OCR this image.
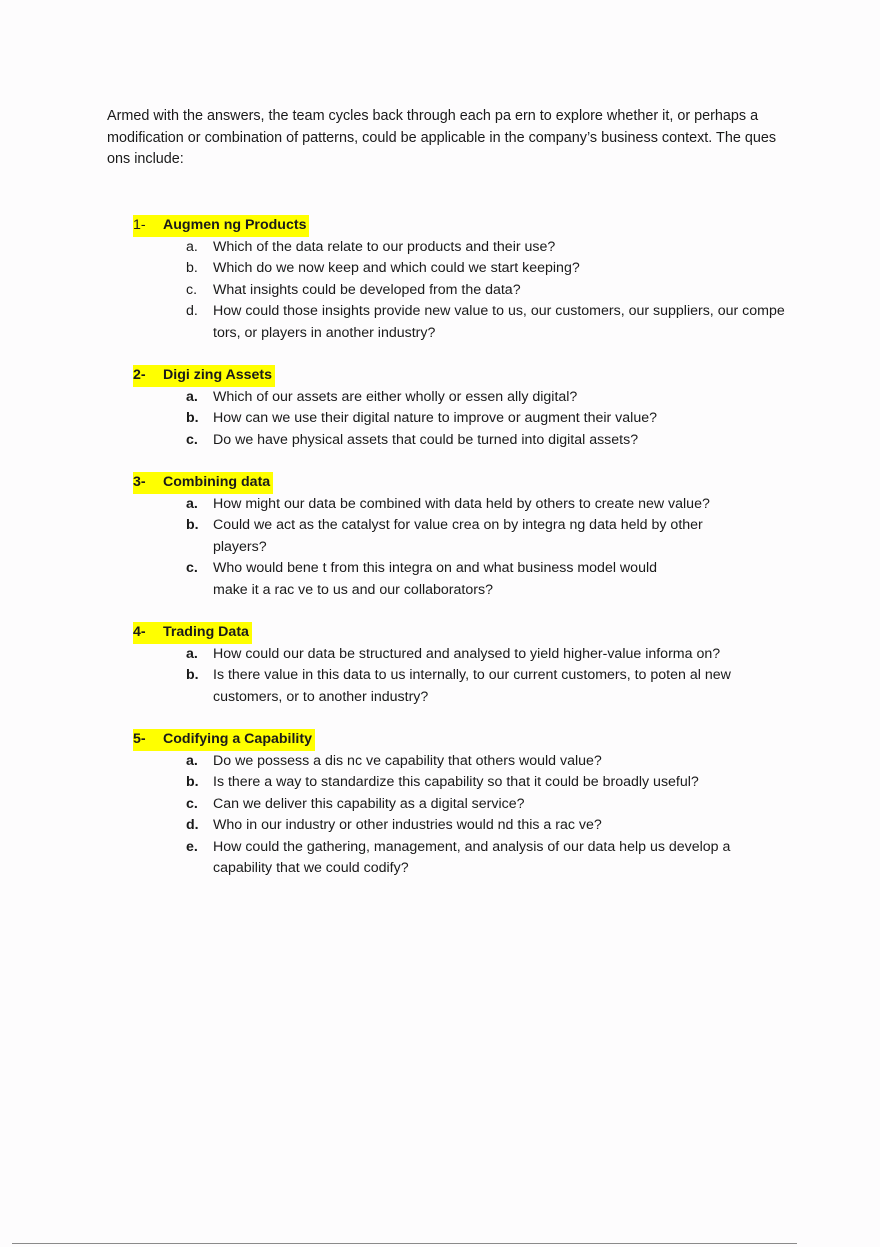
Armed with the answers, the team cycles back through each pa ern to explore whether it, or perhaps a modification or combination of patterns, could be applicable in the company’s business context. The ques ons include:
1-	Augmen ng Products
a. Which of the data relate to our products and their use?
b. Which do we now keep and which could we start keeping?
c. What insights could be developed from the data?
d. How could those insights provide new value to us, our customers, our suppliers, our compe tors, or players in another industry?
2-	Digi zing Assets
a. Which of our assets are either wholly or essen ally digital?
b. How can we use their digital nature to improve or augment their value?
c. Do we have physical assets that could be turned into digital assets?
3-	Combining data
a. How might our data be combined with data held by others to create new value?
b. Could we act as the catalyst for value crea on by integra ng data held by other players?
c. Who would bene t from this integra on and what business model would make it a rac ve to us and our collaborators?
4-	Trading Data
a. How could our data be structured and analysed to yield higher-value informa on?
b. Is there value in this data to us internally, to our current customers, to poten al new customers, or to another industry?
5-	Codifying a Capability
a. Do we possess a dis nc ve capability that others would value?
b. Is there a way to standardize this capability so that it could be broadly useful?
c. Can we deliver this capability as a digital service?
d. Who in our industry or other industries would nd this a rac ve?
e. How could the gathering, management, and analysis of our data help us develop a capability that we could codify?
